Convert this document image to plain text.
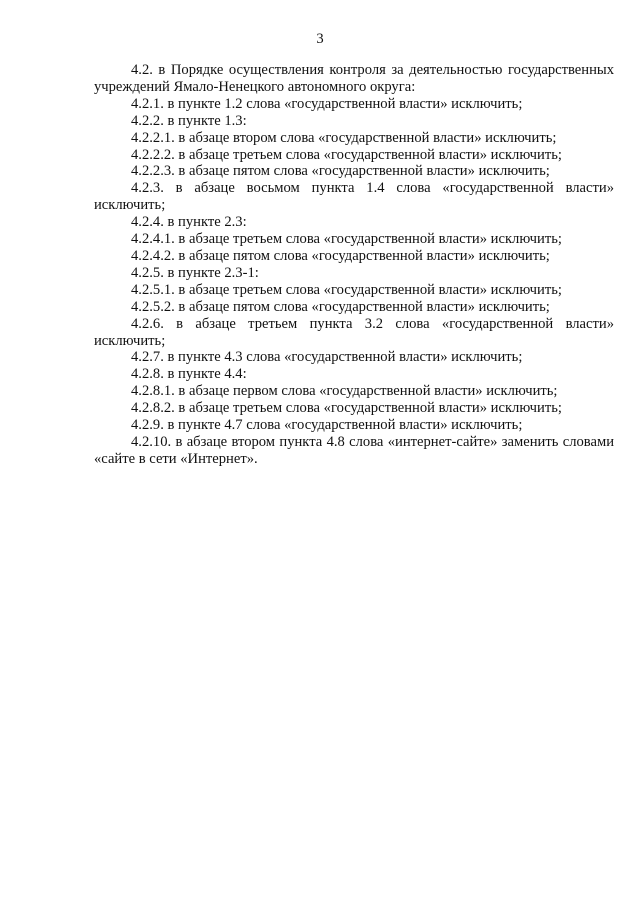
3

4.2. в Порядке осуществления контроля за деятельностью государственных учреждений Ямало-Ненецкого автономного округа:

4.2.1. в пункте 1.2 слова «государственной власти» исключить;

4.2.2. в пункте 1.3:

4.2.2.1. в абзаце втором слова «государственной власти» исключить;

4.2.2.2. в абзаце третьем слова «государственной власти» исключить;

4.2.2.3. в абзаце пятом слова «государственной власти» исключить;

4.2.3. в абзаце восьмом пункта 1.4 слова «государственной власти» исключить;

4.2.4. в пункте 2.3:

4.2.4.1. в абзаце третьем слова «государственной власти» исключить;

4.2.4.2. в абзаце пятом слова «государственной власти» исключить;

4.2.5. в пункте 2.3-1:

4.2.5.1. в абзаце третьем слова «государственной власти» исключить;

4.2.5.2. в абзаце пятом слова «государственной власти» исключить;

4.2.6. в абзаце третьем пункта 3.2 слова «государственной власти» исключить;

4.2.7. в пункте 4.3 слова «государственной власти» исключить;

4.2.8. в пункте 4.4:

4.2.8.1. в абзаце первом слова «государственной власти» исключить;

4.2.8.2. в абзаце третьем слова «государственной власти» исключить;

4.2.9. в пункте 4.7 слова «государственной власти» исключить;

4.2.10. в абзаце втором пункта 4.8 слова «интернет-сайте» заменить словами «сайте в сети «Интернет».
